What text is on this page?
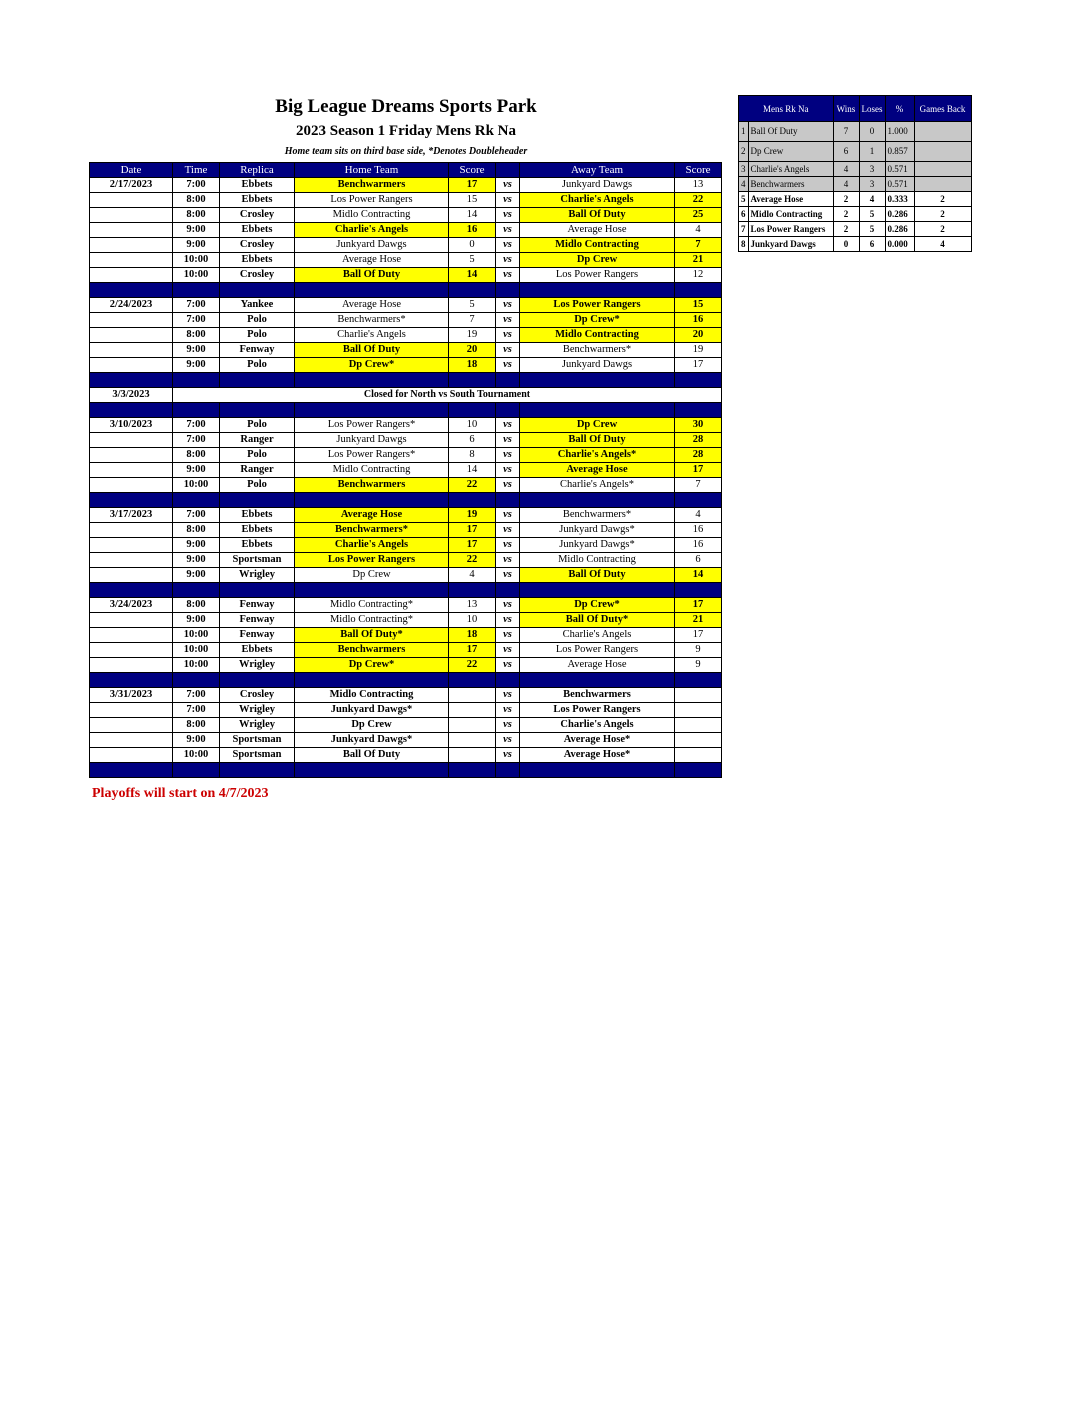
Big League Dreams Sports Park
2023 Season 1 Friday Mens Rk Na
Home team sits on third base side, *Denotes Doubleheader
Date	Time	Replica	Home Team	Score		Away Team	Score
2/17/2023	7:00	Ebbets	Benchwarmers	17	vs	Junkyard Dawgs	13
	8:00	Ebbets	Los Power Rangers	15	vs	Charlie's Angels	22
	8:00	Crosley	Midlo Contracting	14	vs	Ball Of Duty	25
	9:00	Ebbets	Charlie's Angels	16	vs	Average Hose	4
	9:00	Crosley	Junkyard Dawgs	0	vs	Midlo Contracting	7
	10:00	Ebbets	Average Hose	5	vs	Dp Crew	21
	10:00	Crosley	Ball Of Duty	14	vs	Los Power Rangers	12

2/24/2023	7:00	Yankee	Average Hose	5	vs	Los Power Rangers	15
	7:00	Polo	Benchwarmers*	7	vs	Dp Crew*	16
	8:00	Polo	Charlie's Angels	19	vs	Midlo Contracting	20
	9:00	Fenway	Ball Of Duty	20	vs	Benchwarmers*	19
	9:00	Polo	Dp Crew*	18	vs	Junkyard Dawgs	17

3/3/2023	Closed for North vs South Tournament						

3/10/2023	7:00	Polo	Los Power Rangers*	10	vs	Dp Crew	30
	7:00	Ranger	Junkyard Dawgs	6	vs	Ball Of Duty	28
	8:00	Polo	Los Power Rangers*	8	vs	Charlie's Angels*	28
	9:00	Ranger	Midlo Contracting	14	vs	Average Hose	17
	10:00	Polo	Benchwarmers	22	vs	Charlie's Angels*	7

3/17/2023	7:00	Ebbets	Average Hose	19	vs	Benchwarmers*	4
	8:00	Ebbets	Benchwarmers*	17	vs	Junkyard Dawgs*	16
	9:00	Ebbets	Charlie's Angels	17	vs	Junkyard Dawgs*	16
	9:00	Sportsman	Los Power Rangers	22	vs	Midlo Contracting	6
	9:00	Wrigley	Dp Crew	4	vs	Ball Of Duty	14

3/24/2023	8:00	Fenway	Midlo Contracting*	13	vs	Dp Crew*	17
	9:00	Fenway	Midlo Contracting*	10	vs	Ball Of Duty*	21
	10:00	Fenway	Ball Of Duty*	18	vs	Charlie's Angels	17
	10:00	Ebbets	Benchwarmers	17	vs	Los Power Rangers	9
	10:00	Wrigley	Dp Crew*	22	vs	Average Hose	9

3/31/2023	7:00	Crosley	Midlo Contracting		vs	Benchwarmers	
	7:00	Wrigley	Junkyard Dawgs*		vs	Los Power Rangers	
	8:00	Wrigley	Dp Crew		vs	Charlie's Angels	
	9:00	Sportsman	Junkyard Dawgs*		vs	Average Hose*	
	10:00	Sportsman	Ball Of Duty		vs	Average Hose*	

Playoffs will start on 4/7/2023
Mens Rk Na		Wins	Loses	%	Games Back
1	Ball Of Duty	7	0	1.000	
2	Dp Crew	6	1	0.857	
3	Charlie's Angels	4	3	0.571	
4	Benchwarmers	4	3	0.571	
5	Average Hose	2	4	0.333	2
6	Midlo Contracting	2	5	0.286	2
7	Los Power Rangers	2	5	0.286	2
8	Junkyard Dawgs	0	6	0.000	4
